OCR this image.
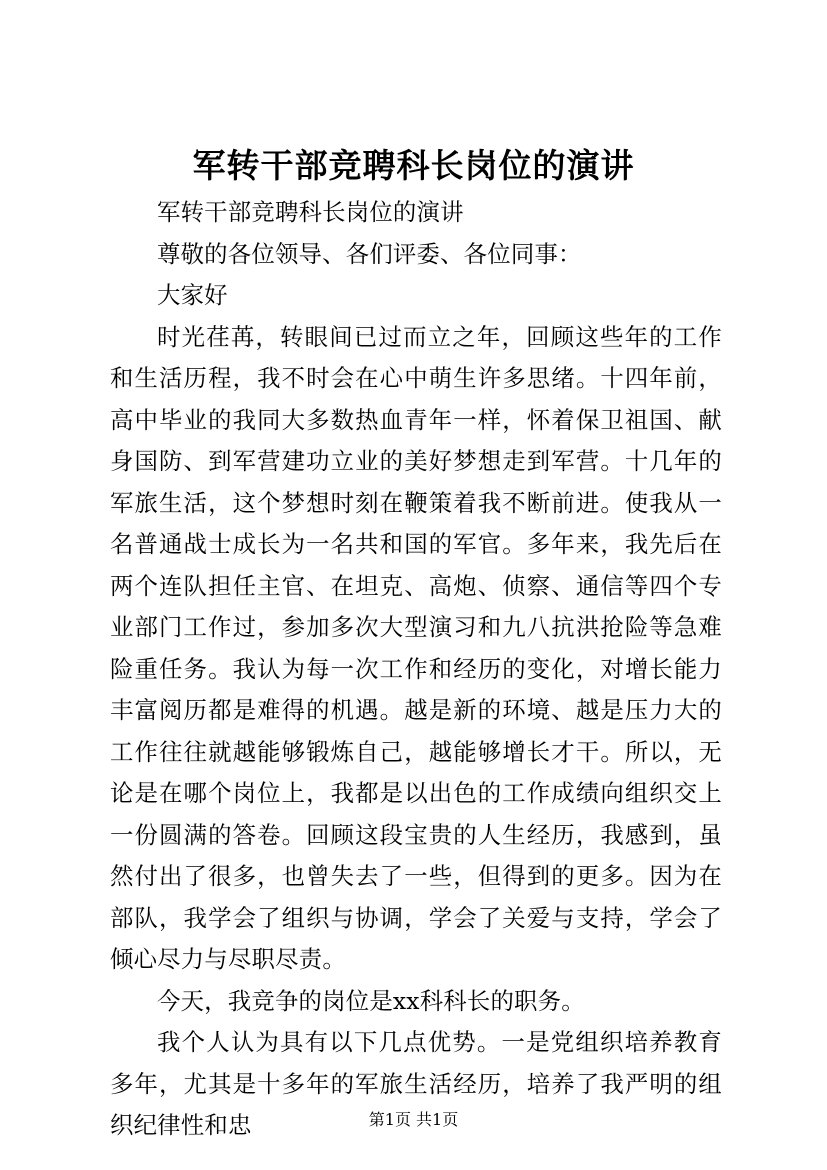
军转干部竞聘科长岗位的演讲

军转干部竞聘科长岗位的演讲

尊敬的各位领导、各们评委、各位同事：

大家好

时光荏苒，转眼间已过而立之年，回顾这些年的工作和生活历程，我不时会在心中萌生许多思绪。十四年前，高中毕业的我同大多数热血青年一样，怀着保卫祖国、献身国防、到军营建功立业的美好梦想走到军营。十几年的军旅生活，这个梦想时刻在鞭策着我不断前进。使我从一名普通战士成长为一名共和国的军官。多年来，我先后在两个连队担任主官、在坦克、高炮、侦察、通信等四个专业部门工作过，参加多次大型演习和九八抗洪抢险等急难险重任务。我认为每一次工作和经历的变化，对增长能力丰富阅历都是难得的机遇。越是新的环境、越是压力大的工作往往就越能够锻炼自己，越能够增长才干。所以，无论是在哪个岗位上，我都是以出色的工作成绩向组织交上一份圆满的答卷。回顾这段宝贵的人生经历，我感到，虽然付出了很多，也曾失去了一些，但得到的更多。因为在部队，我学会了组织与协调，学会了关爱与支持，学会了倾心尽力与尽职尽责。

今天，我竞争的岗位是xx科科长的职务。

我个人认为具有以下几点优势。一是党组织培养教育多年，尤其是十多年的军旅生活经历，培养了我严明的组织纪律性和忠	第1页 共1页
